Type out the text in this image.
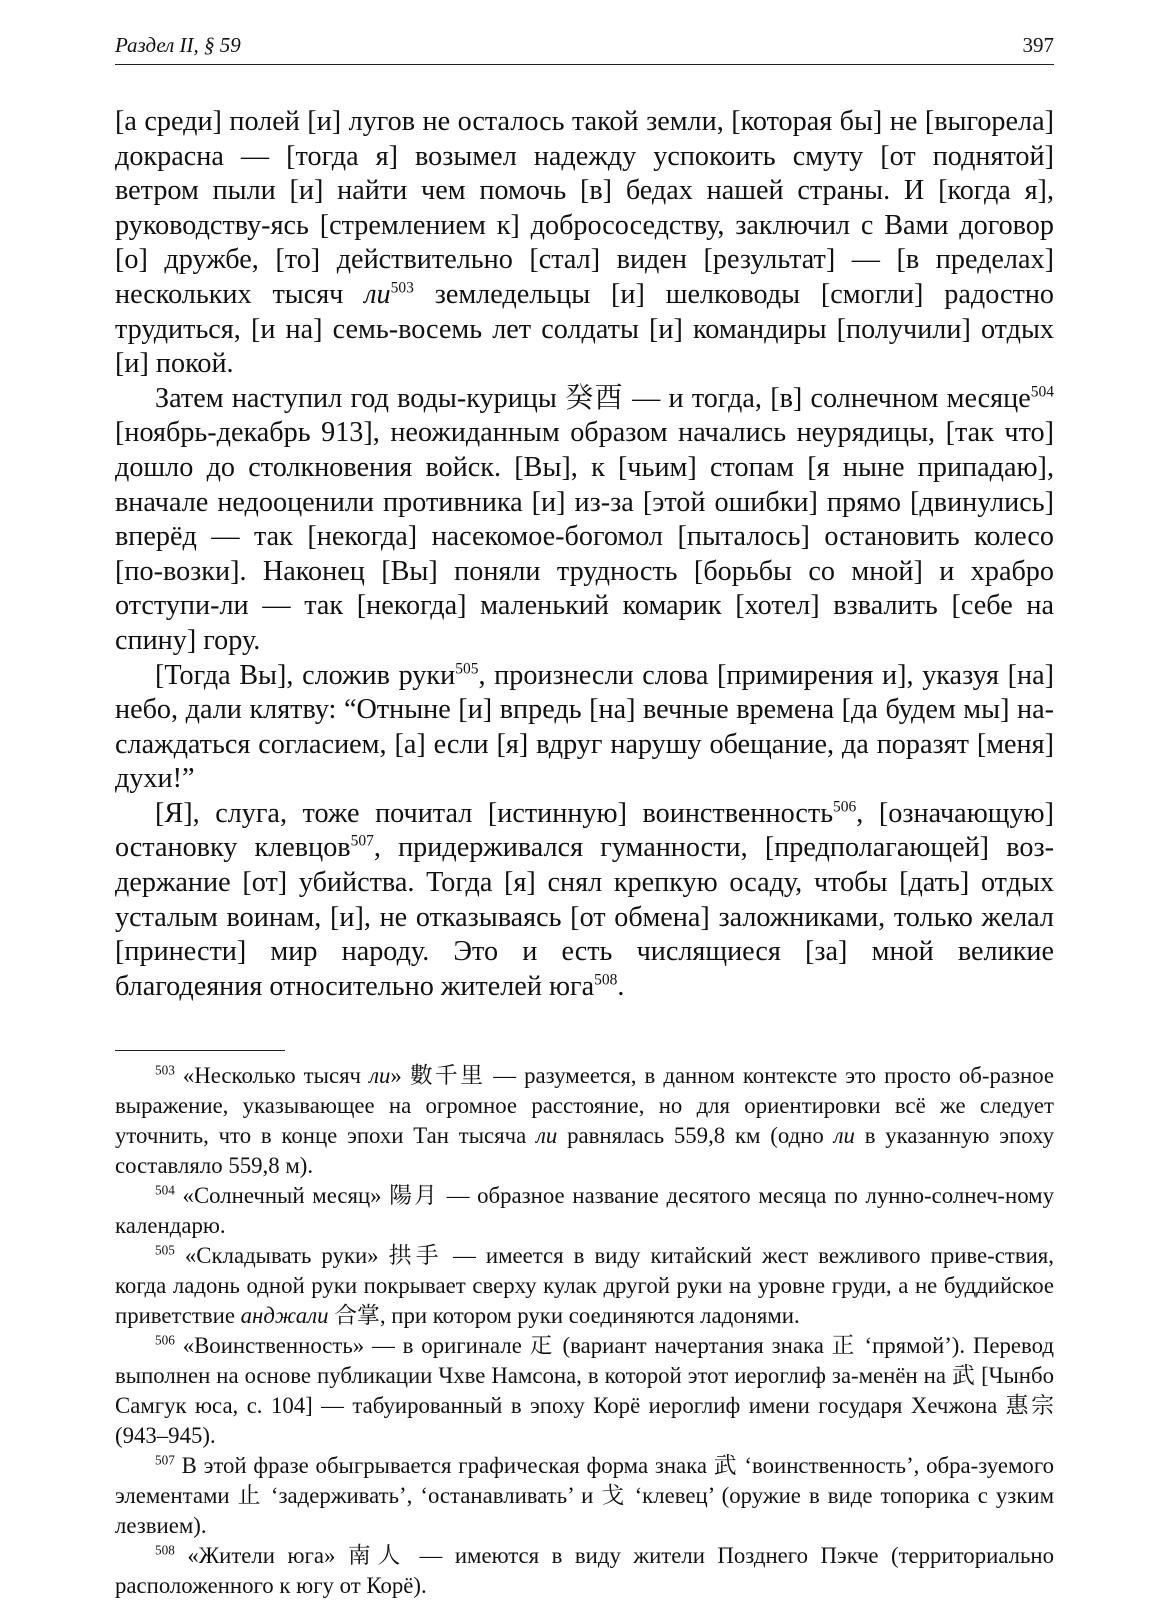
Раздел II, § 59	397

[а среди] полей [и] лугов не осталось такой земли, [которая бы] не [выгорела] докрасна — [тогда я] возымел надежду успокоить смуту [от поднятой] ветром пыли [и] найти чем помочь [в] бедах нашей страны. И [когда я], руководству-ясь [стремлением к] добрососедству, заключил с Вами договор [о] дружбе, [то] действительно [стал] виден [результат] — [в пределах] нескольких тысяч $ли^{503}$ земледельцы [и] шелководы [смогли] радостно трудиться, [и на] семь-восемь лет солдаты [и] командиры [получили] отдых [и] покой.

Затем наступил год воды-курицы 癸酉 — и тогда, [в] солнечном месяце$^{504}$ [ноябрь-декабрь 913], неожиданным образом начались неурядицы, [так что] дошло до столкновения войск. [Вы], к [чьим] стопам [я ныне припадаю], вначале недооценили противника [и] из-за [этой ошибки] прямо [двинулись] вперёд — так [некогда] насекомое-богомол [пыталось] остановить колесо [по-возки]. Наконец [Вы] поняли трудность [борьбы со мной] и храбро отступи-ли — так [некогда] маленький комарик [хотел] взвалить [себе на спину] гору.

[Тогда Вы], сложив руки$^{505}$, произнесли слова [примирения и], указуя [на] небо, дали клятву: “Отныне [и] впредь [на] вечные времена [да будем мы] на-слаждаться согласием, [а] если [я] вдруг нарушу обещание, да поразят [меня] духи!”

[Я], слуга, тоже почитал [истинную] воинственность$^{506}$, [означающую] остановку клевцов$^{507}$, придерживался гуманности, [предполагающей] воз-держание [от] убийства. Тогда [я] снял крепкую осаду, чтобы [дать] отдых усталым воинам, [и], не отказываясь [от обмена] заложниками, только желал [принести] мир народу. Это и есть числящиеся [за] мной великие благодеяния относительно жителей юга$^{508}$.

$^{503}$ «Несколько тысяч ли» 數千里 — разумеется, в данном контексте это просто об-разное выражение, указывающее на огромное расстояние, но для ориентировки всё же следует уточнить, что в конце эпохи Тан тысяча ли равнялась 559,8 км (одно ли в указанную эпоху составляло 559,8 м).

$^{504}$ «Солнечный месяц» 陽月 — образное название десятого месяца по лунно-солнеч-ному календарю.

$^{505}$ «Складывать руки» 拱手 — имеется в виду китайский жест вежливого приве-ствия, когда ладонь одной руки покрывает сверху кулак другой руки на уровне груди, а не буддийское приветствие анджали 合掌, при котором руки соединяются ладонями.

$^{506}$ «Воинственность» — в оригинале 𤴓 (вариант начертания знака 正 ‘прямой’). Перевод выполнен на основе публикации Чхве Намсона, в которой этот иероглиф за-менён на 武 [Чынбо Самгук юса, с. 104] — табуированный в эпоху Корё иероглиф имени государя Хечжона 惠宗 (943–945).

$^{507}$ В этой фразе обыгрывается графическая форма знака 武 ‘воинственность’, обра-зуемого элементами 止 ‘задерживать’, ‘останавливать’ и 戈 ‘клевец’ (оружие в виде топорика с узким лезвием).

$^{508}$ «Жители юга» 南人 — имеются в виду жители Позднего Пэкче (территориально расположенного к югу от Корё).
